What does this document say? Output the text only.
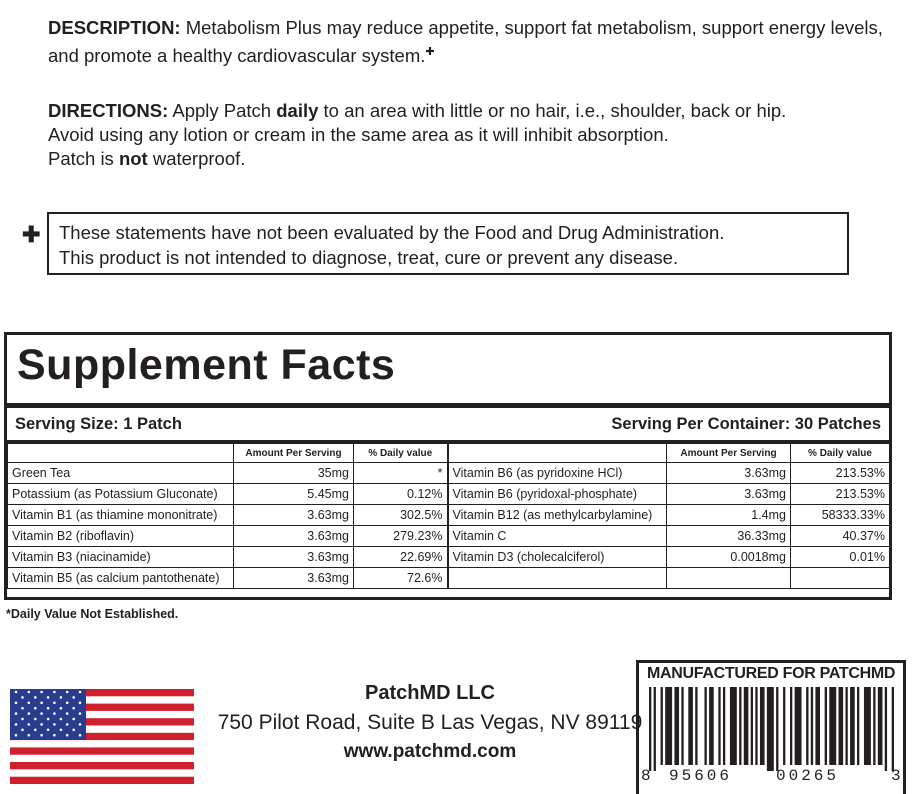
DESCRIPTION: Metabolism Plus may reduce appetite, support fat metabolism, support energy levels, and promote a healthy cardiovascular system.✚
DIRECTIONS: Apply Patch daily to an area with little or no hair, i.e., shoulder, back or hip.
Avoid using any lotion or cream in the same area as it will inhibit absorption.
Patch is not waterproof.
✚ These statements have not been evaluated by the Food and Drug Administration.
This product is not intended to diagnose, treat, cure or prevent any disease.
Supplement Facts
Serving Size: 1 Patch	Serving Per Container: 30 Patches
	Amount Per Serving	% Daily value		Amount Per Serving	% Daily value
Green Tea	35mg	*	Vitamin B6 (as pyridoxine HCl)	3.63mg	213.53%
Potassium (as Potassium Gluconate)	5.45mg	0.12%	Vitamin B6 (pyridoxal-phosphate)	3.63mg	213.53%
Vitamin B1 (as thiamine mononitrate)	3.63mg	302.5%	Vitamin B12 (as methylcarbylamine)	1.4mg	58333.33%
Vitamin B2 (riboflavin)	3.63mg	279.23%	Vitamin C	36.33mg	40.37%
Vitamin B3 (niacinamide)	3.63mg	22.69%	Vitamin D3 (cholecalciferol)	0.0018mg	0.01%
Vitamin B5 (as calcium pantothenate)	3.63mg	72.6%			
*Daily Value Not Established.
PatchMD LLC
750 Pilot Road, Suite B Las Vegas, NV 89119
www.patchmd.com
MANUFACTURED FOR PATCHMD
8 95606	00265	3
